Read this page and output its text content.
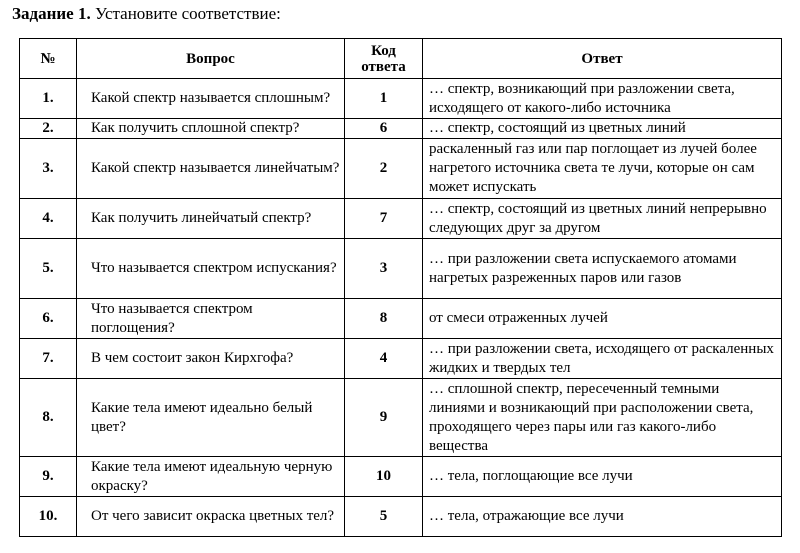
Задание 1. Установите соответствие:
№	Вопрос	Код ответа	Ответ
1.	Какой спектр называется сплошным?	1	… спектр, возникающий при разложении света, исходящего от какого-либо источника
2.	Как получить сплошной спектр?	6	… спектр, состоящий из цветных линий
3.	Какой спектр называется линейчатым?	2	раскаленный газ или пар поглощает из лучей более нагретого источника света те лучи, которые он сам может испускать
4.	Как получить линейчатый спектр?	7	… спектр, состоящий из цветных линий непрерывно следующих друг за другом
5.	Что называется спектром испускания?	3	… при разложении света испускаемого атомами нагретых разреженных паров или газов
6.	Что называется спектром поглощения?	8	от смеси отраженных лучей
7.	В чем состоит закон Кирхгофа?	4	… при разложении света, исходящего от раскаленных жидких и твердых тел
8.	Какие тела имеют идеально белый цвет?	9	… сплошной спектр, пересеченный темными линиями и возникающий при расположении света, проходящего через пары или газ какого-либо вещества
9.	Какие тела имеют идеальную черную окраску?	10	… тела, поглощающие все лучи
10.	От чего зависит окраска цветных тел?	5	… тела, отражающие все лучи
